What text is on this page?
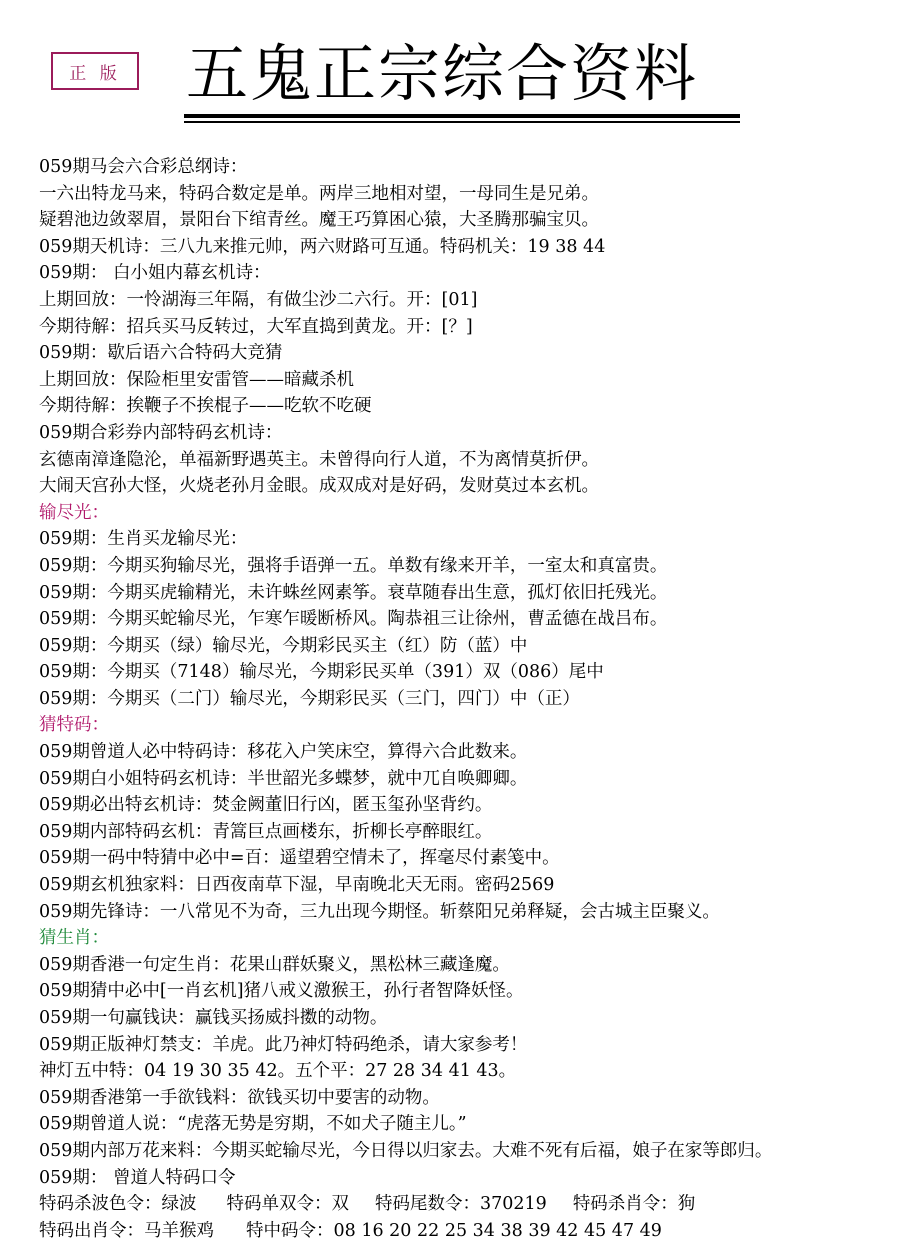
正 版 五鬼正宗综合资料
059期马会六合彩总纲诗：
一六出特龙马来，特码合数定是单。两岸三地相对望，一母同生是兄弟。
疑碧池边敛翠眉，景阳台下绾青丝。魔王巧算困心猿，大圣腾那骗宝贝。
059期天机诗：三八九来推元帅，两六财路可互通。特码机关：19 38 44
059期： 白小姐内幕玄机诗：
上期回放：一怜湖海三年隔，有做尘沙二六行。开：[01]
今期待解：招兵买马反转过，大军直捣到黄龙。开：[？]
059期：歇后语六合特码大竞猜
上期回放：保险柜里安雷管——暗藏杀机
今期待解：挨鞭子不挨棍子——吃软不吃硬
059期合彩券内部特码玄机诗：
玄德南漳逢隐沦，单福新野遇英主。未曾得向行人道，不为离情莫折伊。
大闹天宫孙大怪，火烧老孙月金眼。成双成对是好码，发财莫过本玄机。
输尽光：
059期：生肖买龙输尽光：
059期：今期买狗输尽光，强将手语弹一五。单数有缘来开羊，一室太和真富贵。
059期：今期买虎输精光，未许蛛丝网素筝。衰草随春出生意，孤灯依旧托残光。
059期：今期买蛇输尽光，乍寒乍暖断桥风。陶恭祖三让徐州，曹孟德在战吕布。
059期：今期买（绿）输尽光，今期彩民买主（红）防（蓝）中
059期：今期买（7148）输尽光，今期彩民买单（391）双（086）尾中
059期：今期买（二门）输尽光，今期彩民买（三门，四门）中（正）
猜特码：
059期曾道人必中特码诗：移花入户笑床空，算得六合此数来。
059期白小姐特码玄机诗：半世韶光多蝶梦，就中兀自唤卿卿。
059期必出特玄机诗：焚金阙董旧行凶，匿玉玺孙坚背约。
059期内部特码玄机：青篙巨点画楼东，折柳长亭醉眼红。
059期一码中特猜中必中=百：遥望碧空情未了，挥毫尽付素笺中。
059期玄机独家料：日西夜南草下湿，早南晚北天无雨。密码2569
059期先锋诗：一八常见不为奇，三九出现今期怪。斩蔡阳兄弟释疑，会古城主臣聚义。
猜生肖：
059期香港一句定生肖：花果山群妖聚义，黑松林三藏逢魔。
059期猜中必中[一肖玄机]猪八戒义激猴王，孙行者智降妖怪。
059期一句赢钱诀：赢钱买扬威抖擞的动物。
059期正版神灯禁支：羊虎。此乃神灯特码绝杀，请大家参考！
神灯五中特：04 19 30 35 42。五个平：27 28 34 41 43。
059期香港第一手欲钱料：欲钱买切中要害的动物。
059期曾道人说：“虎落无势是穷期，不如犬子随主儿。”
059期内部万花来料：今期买蛇输尽光，今日得以归家去。大难不死有后福，娘子在家等郎归。
059期： 曾道人特码口令
特码杀波色令：绿波 特码单双令：双 特码尾数令：370219 特码杀肖令：狗
特码出肖令：马羊猴鸡 特中码令：08 16 20 22 25 34 38 39 42 45 47 49
